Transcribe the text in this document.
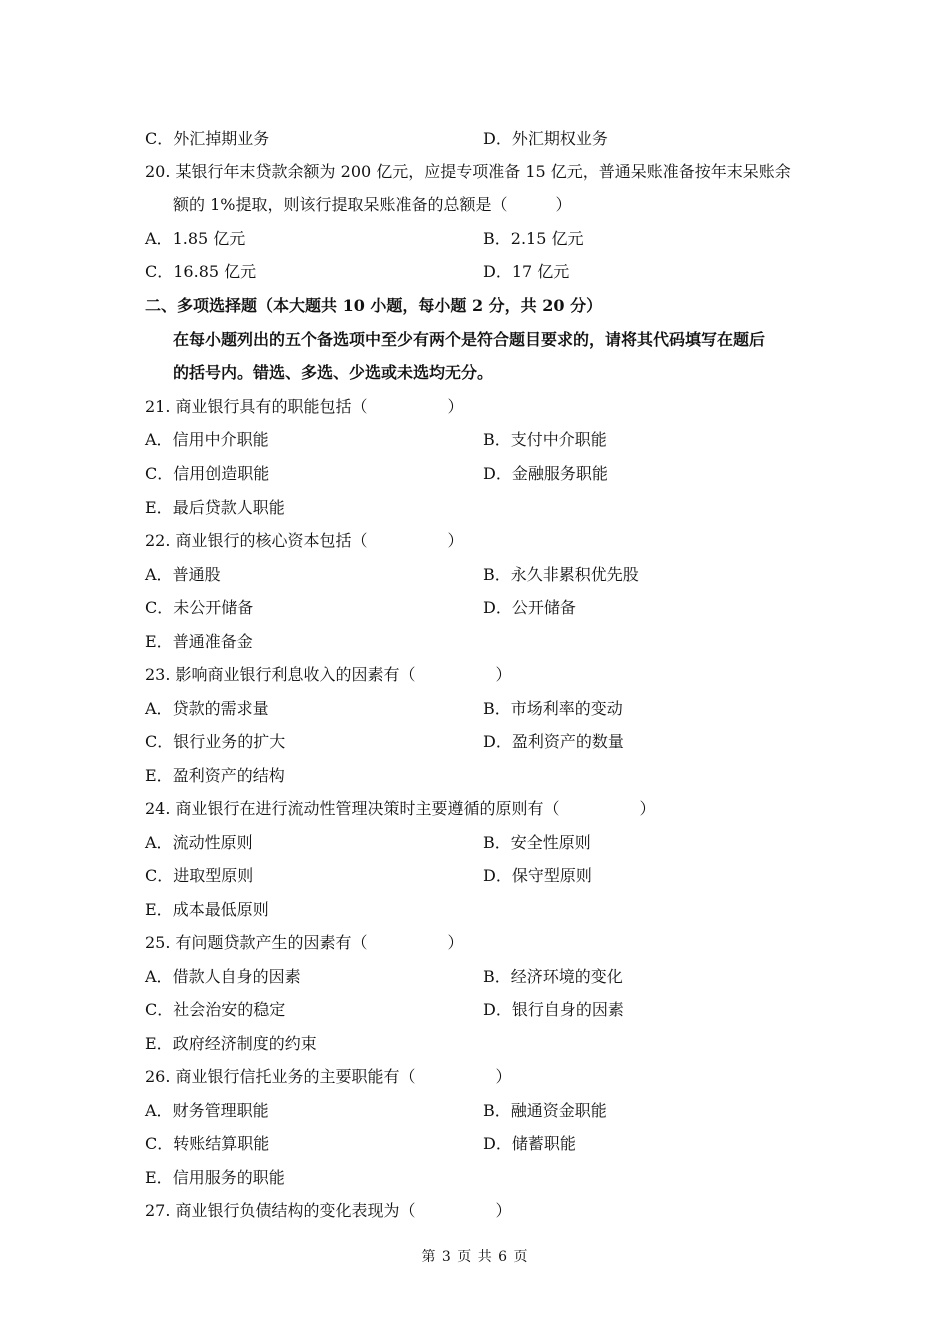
C．外汇掉期业务	D．外汇期权业务
20. 某银行年末贷款余额为 200 亿元，应提专项准备 15 亿元，普通呆账准备按年末呆账余
额的 1%提取，则该行提取呆账准备的总额是（　　　）
A．1.85 亿元	B．2.15 亿元
C．16.85 亿元	D．17 亿元
二、多项选择题（本大题共 10 小题，每小题 2 分，共 20 分）
在每小题列出的五个备选项中至少有两个是符合题目要求的，请将其代码填写在题后
的括号内。错选、多选、少选或未选均无分。
21. 商业银行具有的职能包括（　　　　　）
A．信用中介职能	B．支付中介职能
C．信用创造职能	D．金融服务职能
E．最后贷款人职能
22. 商业银行的核心资本包括（　　　　　）
A．普通股	B．永久非累积优先股
C．未公开储备	D．公开储备
E．普通准备金
23. 影响商业银行利息收入的因素有（　　　　　）
A．贷款的需求量	B．市场利率的变动
C．银行业务的扩大	D．盈利资产的数量
E．盈利资产的结构
24. 商业银行在进行流动性管理决策时主要遵循的原则有（　　　　　）
A．流动性原则	B．安全性原则
C．进取型原则	D．保守型原则
E．成本最低原则
25. 有问题贷款产生的因素有（　　　　　）
A．借款人自身的因素	B．经济环境的变化
C．社会治安的稳定	D．银行自身的因素
E．政府经济制度的约束
26. 商业银行信托业务的主要职能有（　　　　　）
A．财务管理职能	B．融通资金职能
C．转账结算职能	D．储蓄职能
E．信用服务的职能
27. 商业银行负债结构的变化表现为（　　　　　）
第 3 页 共 6 页
